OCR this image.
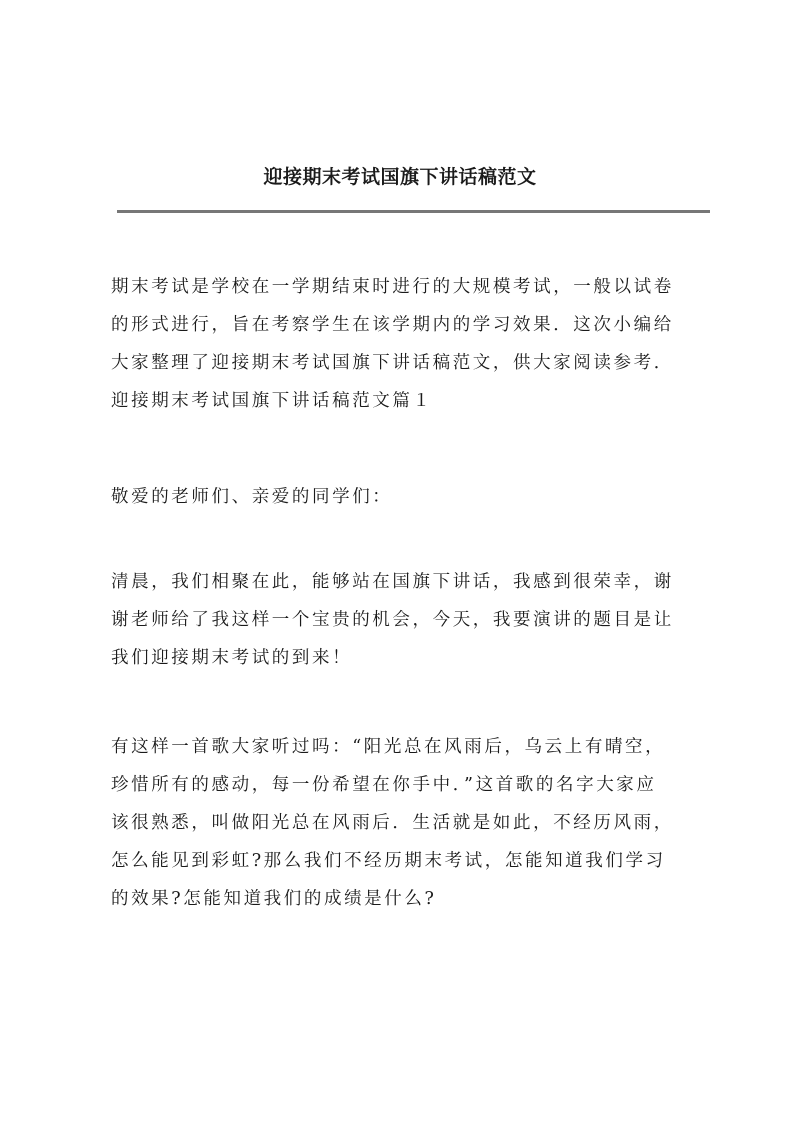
迎接期末考试国旗下讲话稿范文

期末考试是学校在一学期结束时进行的大规模考试，一般以试卷
的形式进行，旨在考察学生在该学期内的学习效果．这次小编给
大家整理了迎接期末考试国旗下讲话稿范文，供大家阅读参考．
迎接期末考试国旗下讲话稿范文篇１

敬爱的老师们、亲爱的同学们：

清晨，我们相聚在此，能够站在国旗下讲话，我感到很荣幸，谢
谢老师给了我这样一个宝贵的机会，今天，我要演讲的题目是让
我们迎接期末考试的到来！

有这样一首歌大家听过吗：“阳光总在风雨后，乌云上有晴空，
珍惜所有的感动，每一份希望在你手中．”这首歌的名字大家应
该很熟悉，叫做阳光总在风雨后．生活就是如此，不经历风雨，
怎么能见到彩虹?那么我们不经历期末考试，怎能知道我们学习
的效果?怎能知道我们的成绩是什么?
